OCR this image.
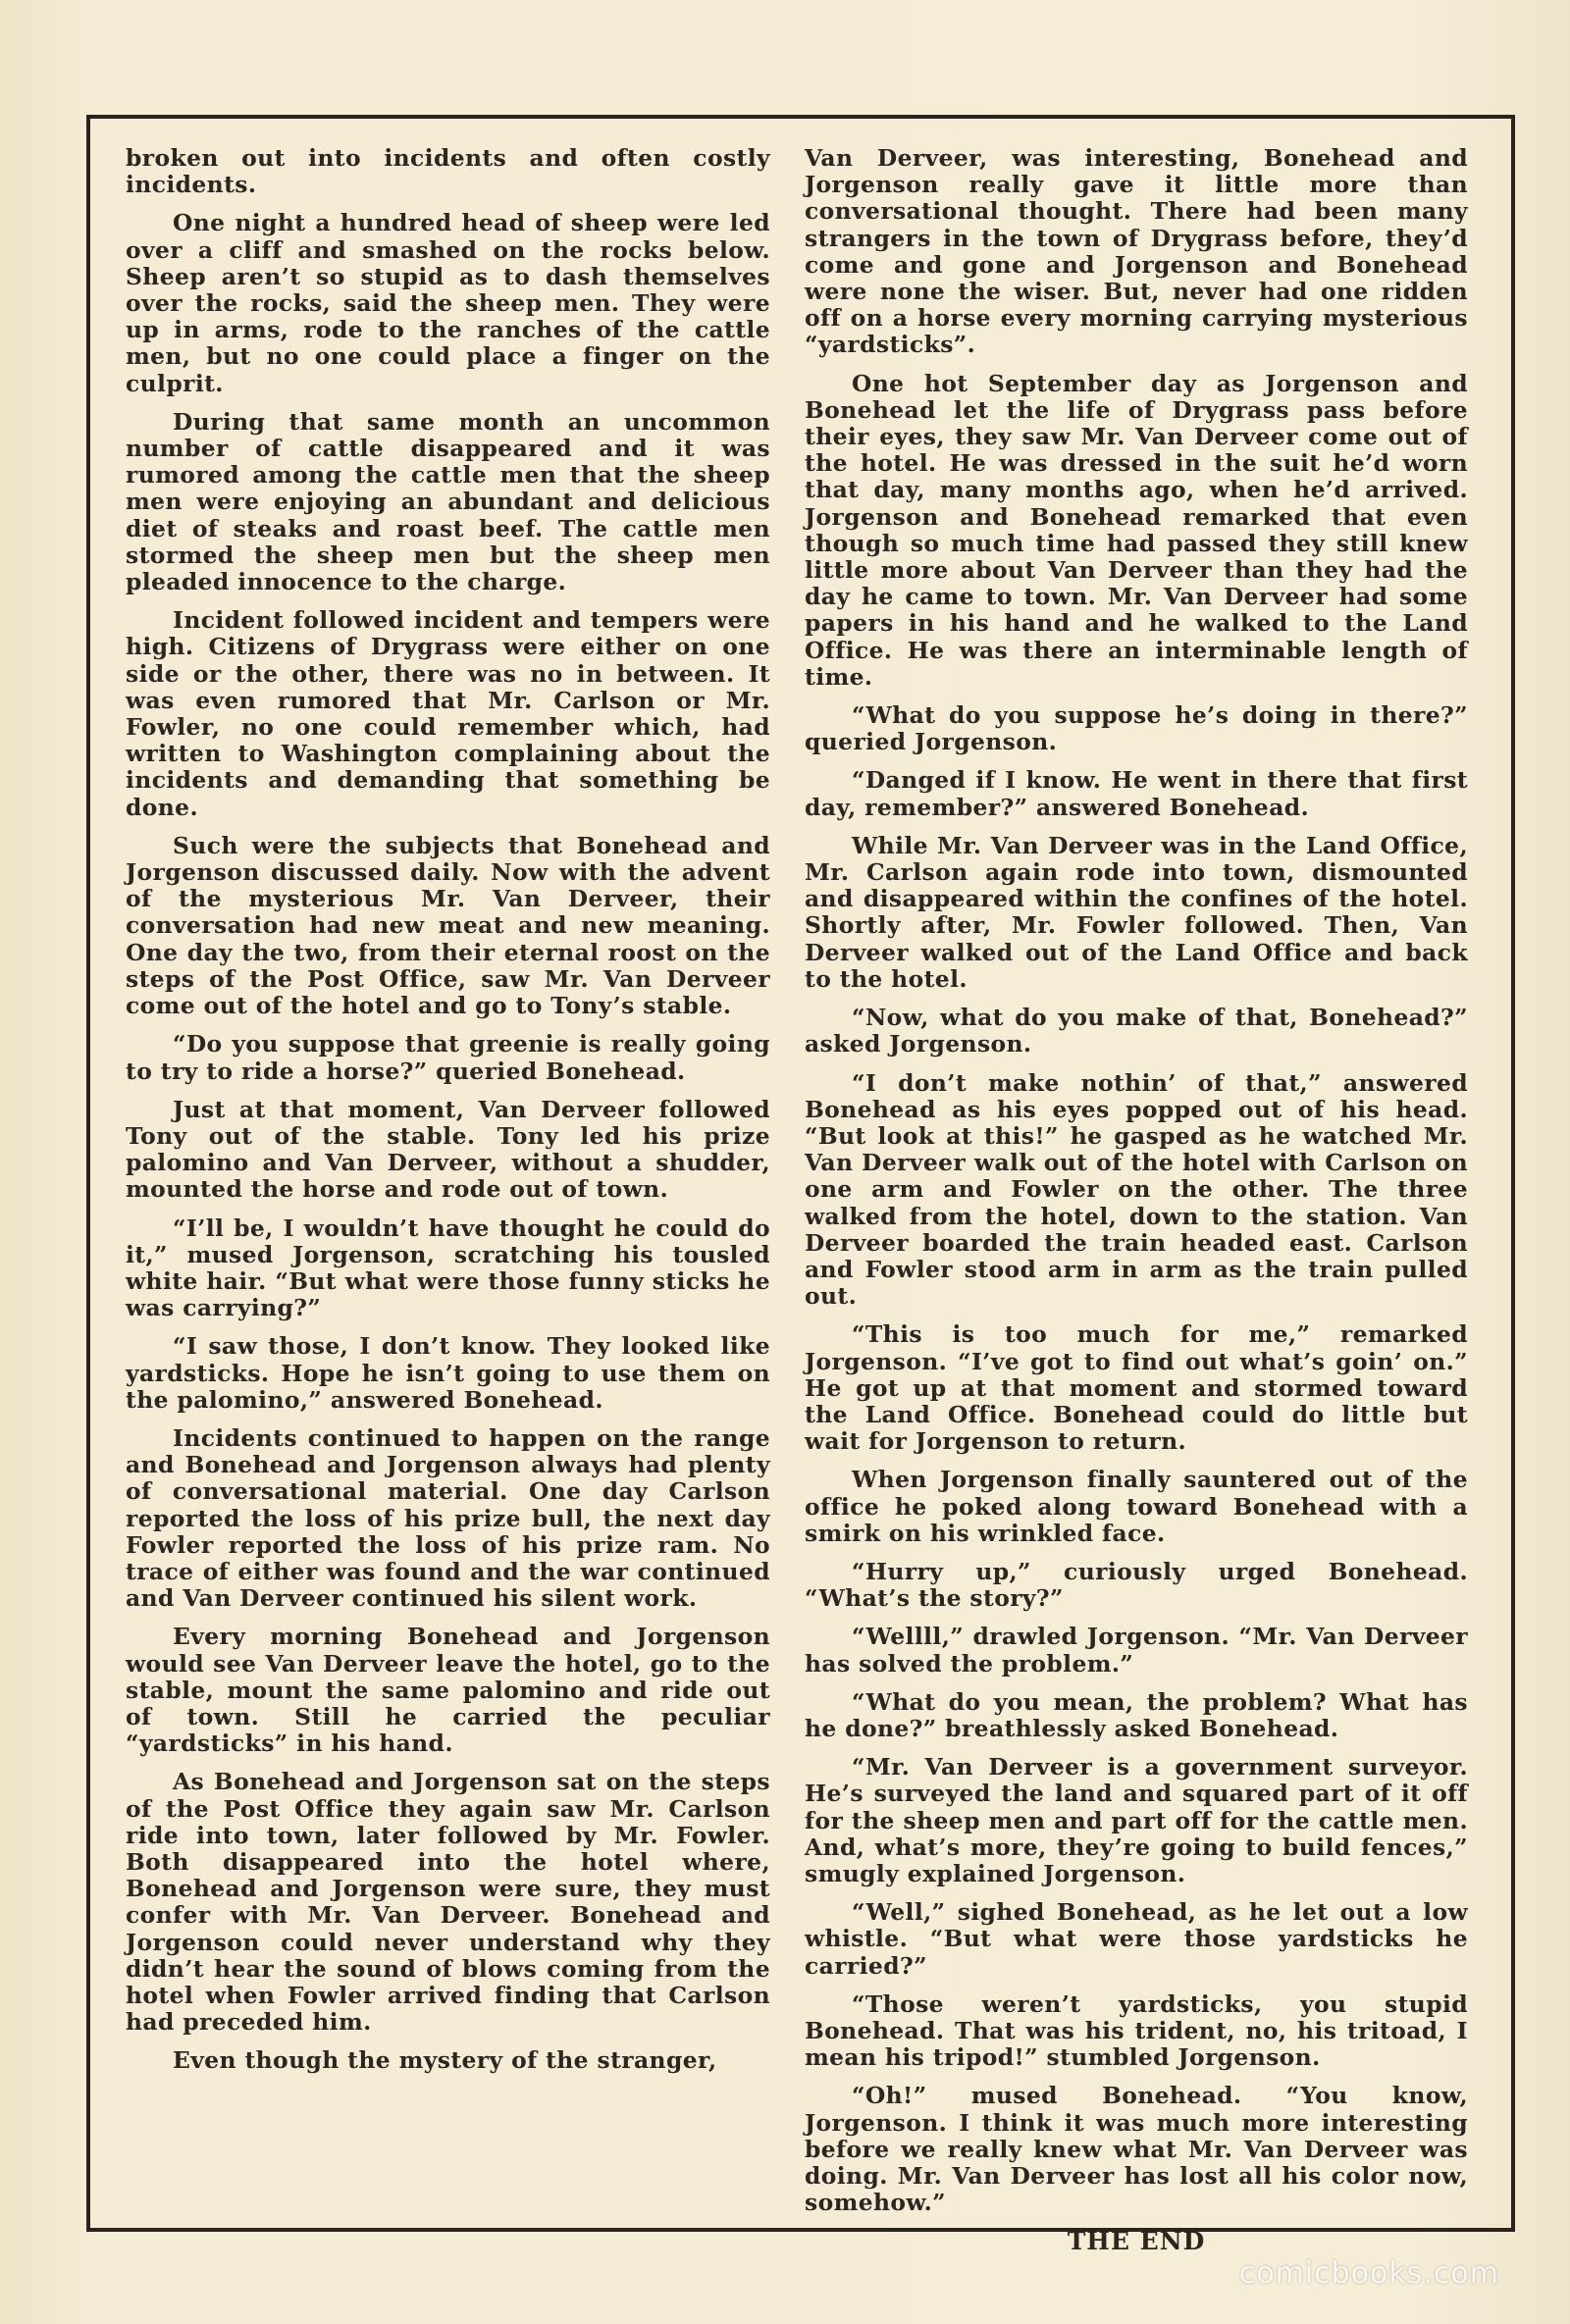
broken out into incidents and often costly incidents.

One night a hundred head of sheep were led over a cliff and smashed on the rocks below. Sheep aren’t so stupid as to dash themselves over the rocks, said the sheep men. They were up in arms, rode to the ranches of the cattle men, but no one could place a finger on the culprit.

During that same month an uncommon number of cattle disappeared and it was rumored among the cattle men that the sheep men were enjoying an abundant and delicious diet of steaks and roast beef. The cattle men stormed the sheep men but the sheep men pleaded innocence to the charge.

Incident followed incident and tempers were high. Citizens of Drygrass were either on one side or the other, there was no in between. It was even rumored that Mr. Carlson or Mr. Fowler, no one could remember which, had written to Washington complaining about the incidents and demanding that something be done.

Such were the subjects that Bonehead and Jorgenson discussed daily. Now with the advent of the mysterious Mr. Van Derveer, their conversation had new meat and new meaning. One day the two, from their eternal roost on the steps of the Post Office, saw Mr. Van Derveer come out of the hotel and go to Tony’s stable.

“Do you suppose that greenie is really going to try to ride a horse?” queried Bonehead.

Just at that moment, Van Derveer followed Tony out of the stable. Tony led his prize palomino and Van Derveer, without a shudder, mounted the horse and rode out of town.

“I’ll be, I wouldn’t have thought he could do it,” mused Jorgenson, scratching his tousled white hair. “But what were those funny sticks he was carrying?”

“I saw those, I don’t know. They looked like yardsticks. Hope he isn’t going to use them on the palomino,” answered Bonehead.

Incidents continued to happen on the range and Bonehead and Jorgenson always had plenty of conversational material. One day Carlson reported the loss of his prize bull, the next day Fowler reported the loss of his prize ram. No trace of either was found and the war continued and Van Derveer continued his silent work.

Every morning Bonehead and Jorgenson would see Van Derveer leave the hotel, go to the stable, mount the same palomino and ride out of town. Still he carried the peculiar “yardsticks” in his hand.

As Bonehead and Jorgenson sat on the steps of the Post Office they again saw Mr. Carlson ride into town, later followed by Mr. Fowler. Both disappeared into the hotel where, Bonehead and Jorgenson were sure, they must confer with Mr. Van Derveer. Bonehead and Jorgenson could never understand why they didn’t hear the sound of blows coming from the hotel when Fowler arrived finding that Carlson had preceded him.

Even though the mystery of the stranger,

Van Derveer, was interesting, Bonehead and Jorgenson really gave it little more than conversational thought. There had been many strangers in the town of Drygrass before, they’d come and gone and Jorgenson and Bonehead were none the wiser. But, never had one ridden off on a horse every morning carrying mysterious “yardsticks”.

One hot September day as Jorgenson and Bonehead let the life of Drygrass pass before their eyes, they saw Mr. Van Derveer come out of the hotel. He was dressed in the suit he’d worn that day, many months ago, when he’d arrived. Jorgenson and Bonehead remarked that even though so much time had passed they still knew little more about Van Derveer than they had the day he came to town. Mr. Van Derveer had some papers in his hand and he walked to the Land Office. He was there an interminable length of time.

“What do you suppose he’s doing in there?” queried Jorgenson.

“Danged if I know. He went in there that first day, remember?” answered Bonehead.

While Mr. Van Derveer was in the Land Office, Mr. Carlson again rode into town, dismounted and disappeared within the confines of the hotel. Shortly after, Mr. Fowler followed. Then, Van Derveer walked out of the Land Office and back to the hotel.

“Now, what do you make of that, Bonehead?” asked Jorgenson.

“I don’t make nothin’ of that,” answered Bonehead as his eyes popped out of his head. “But look at this!” he gasped as he watched Mr. Van Derveer walk out of the hotel with Carlson on one arm and Fowler on the other. The three walked from the hotel, down to the station. Van Derveer boarded the train headed east. Carlson and Fowler stood arm in arm as the train pulled out.

“This is too much for me,” remarked Jorgenson. “I’ve got to find out what’s goin’ on.” He got up at that moment and stormed toward the Land Office. Bonehead could do little but wait for Jorgenson to return.

When Jorgenson finally sauntered out of the office he poked along toward Bonehead with a smirk on his wrinkled face.

“Hurry up,” curiously urged Bonehead. “What’s the story?”

“Wellll,” drawled Jorgenson. “Mr. Van Derveer has solved the problem.”

“What do you mean, the problem? What has he done?” breathlessly asked Bonehead.

“Mr. Van Derveer is a government surveyor. He’s surveyed the land and squared part of it off for the sheep men and part off for the cattle men. And, what’s more, they’re going to build fences,” smugly explained Jorgenson.

“Well,” sighed Bonehead, as he let out a low whistle. “But what were those yardsticks he carried?”

“Those weren’t yardsticks, you stupid Bonehead. That was his trident, no, his tritoad, I mean his tripod!” stumbled Jorgenson.

“Oh!” mused Bonehead. “You know, Jorgenson. I think it was much more interesting before we really knew what Mr. Van Derveer was doing. Mr. Van Derveer has lost all his color now, somehow.”

THE END

comicbooks.com
